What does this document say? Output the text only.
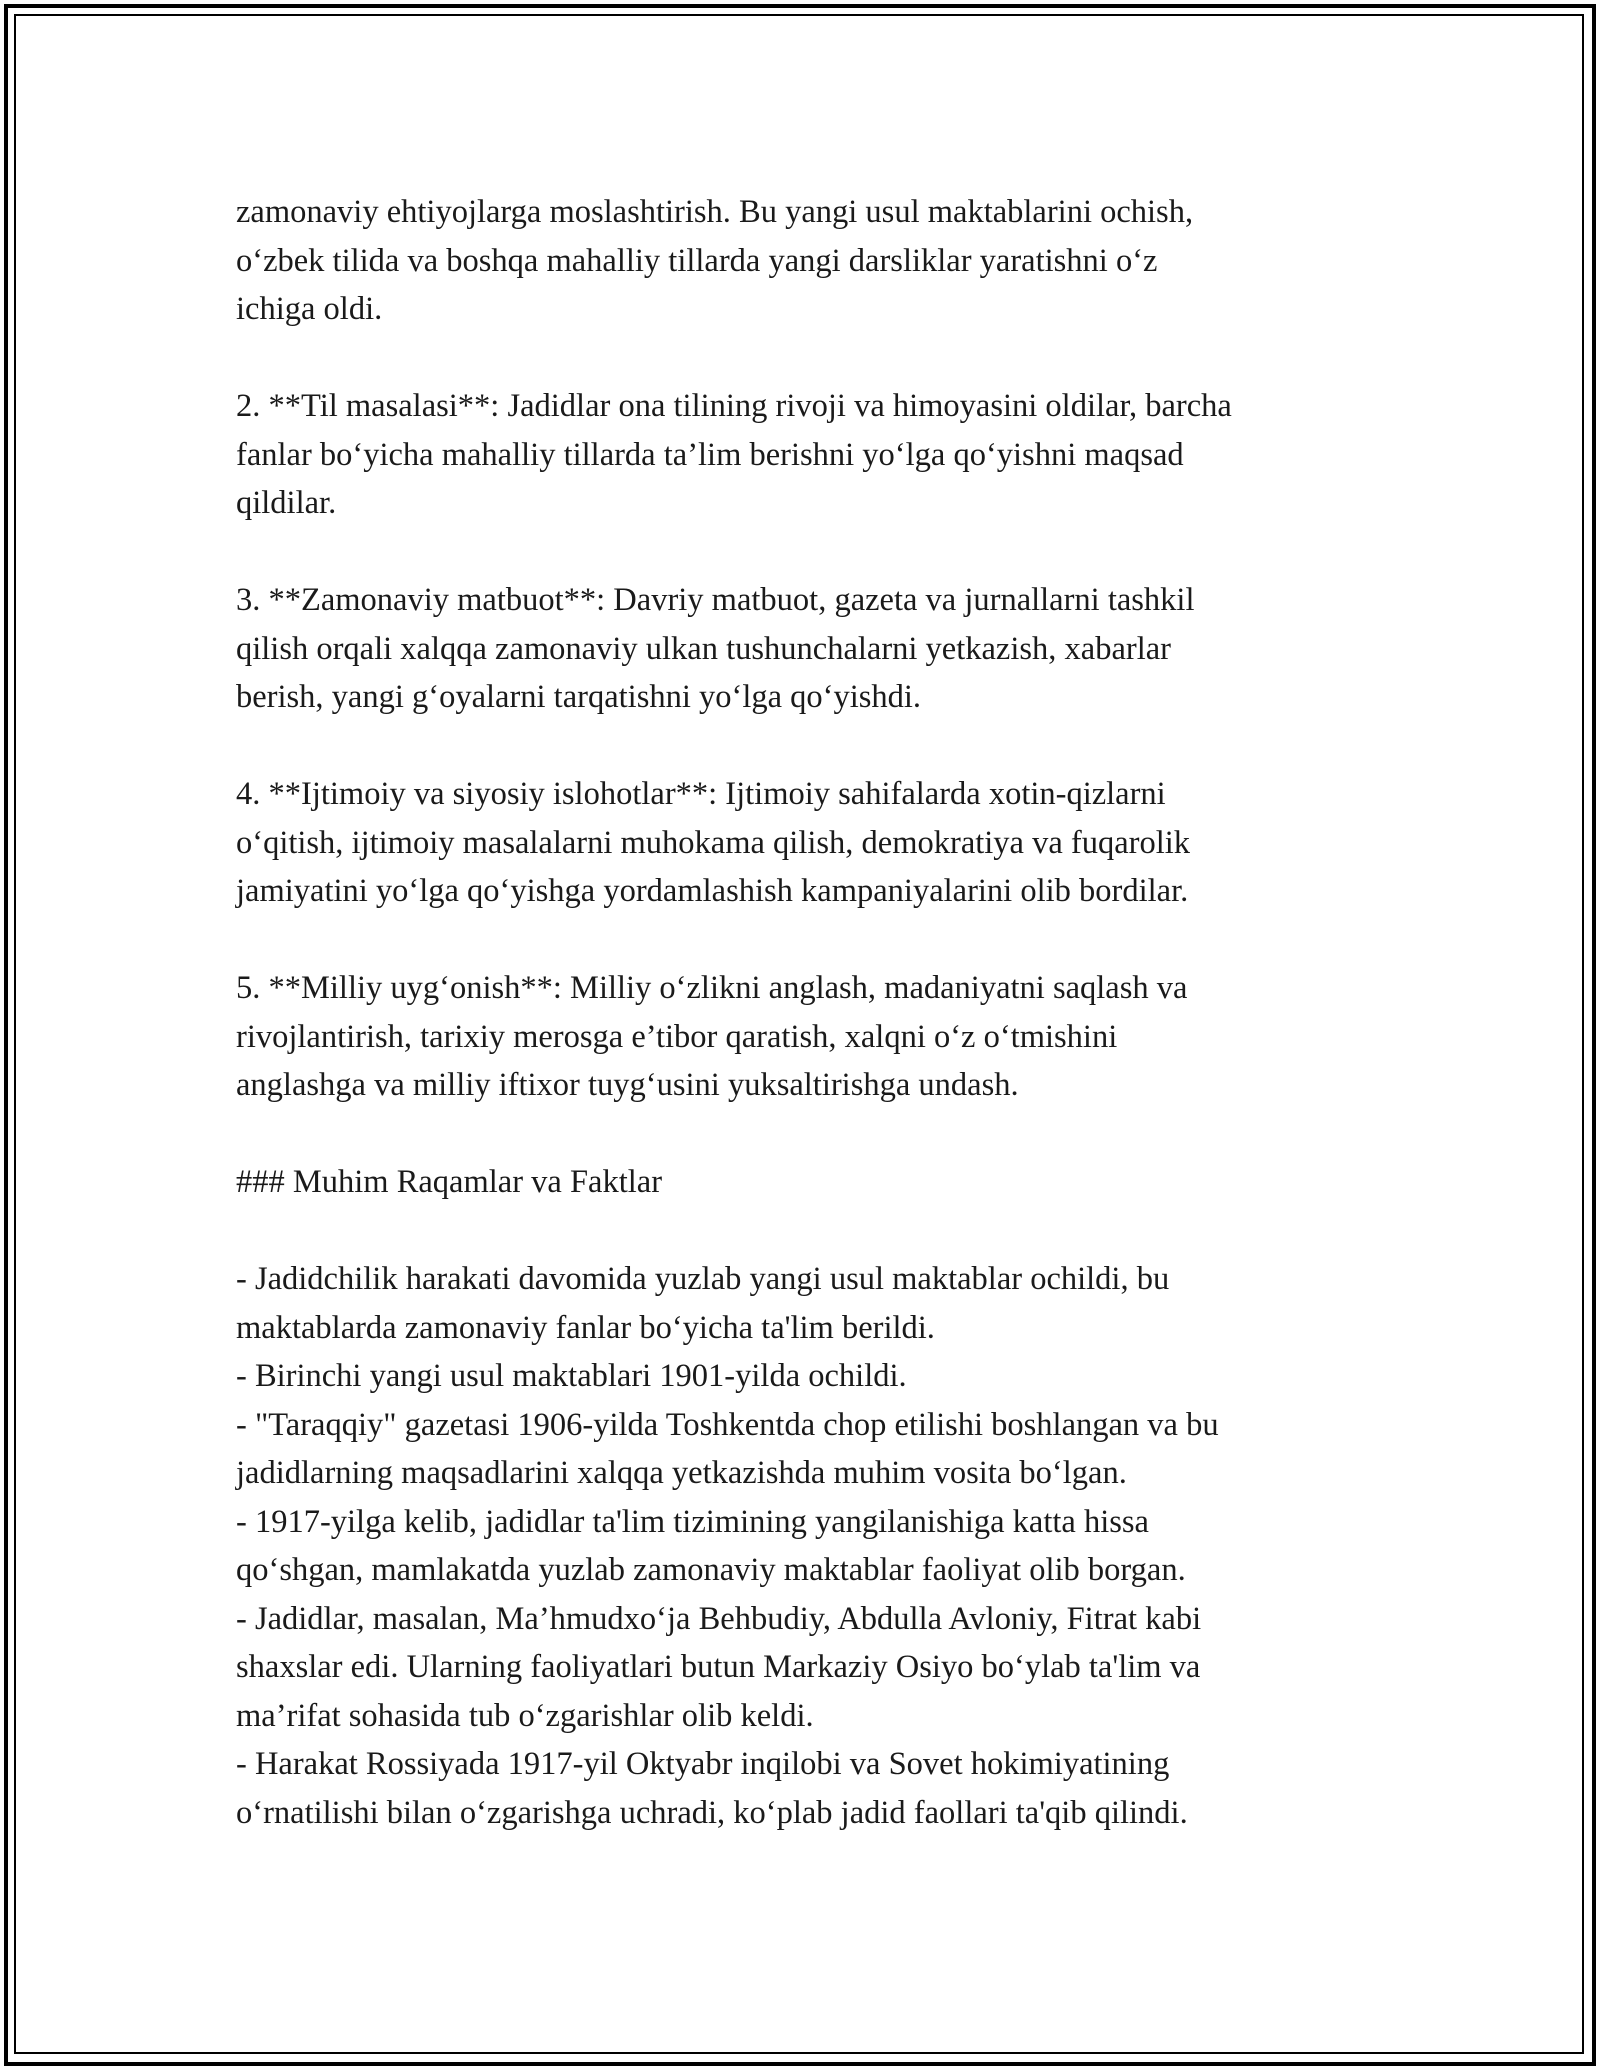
zamonaviy ehtiyojlarga moslashtirish. Bu yangi usul maktablarini ochish,
o‘zbek tilida va boshqa mahalliy tillarda yangi darsliklar yaratishni o‘z
ichiga oldi.
2. **Til masalasi**: Jadidlar ona tilining rivoji va himoyasini oldilar, barcha
fanlar bo‘yicha mahalliy tillarda ta’lim berishni yo‘lga qo‘yishni maqsad
qildilar.
3. **Zamonaviy matbuot**: Davriy matbuot, gazeta va jurnallarni tashkil
qilish orqali xalqqa zamonaviy ulkan tushunchalarni yetkazish, xabarlar
berish, yangi g‘oyalarni tarqatishni yo‘lga qo‘yishdi.
4. **Ijtimoiy va siyosiy islohotlar**: Ijtimoiy sahifalarda xotin-qizlarni
o‘qitish, ijtimoiy masalalarni muhokama qilish, demokratiya va fuqarolik
jamiyatini yo‘lga qo‘yishga yordamlashish kampaniyalarini olib bordilar.
5. **Milliy uyg‘onish**: Milliy o‘zlikni anglash, madaniyatni saqlash va
rivojlantirish, tarixiy merosga e’tibor qaratish, xalqni o‘z o‘tmishini
anglashga va milliy iftixor tuyg‘usini yuksaltirishga undash.
### Muhim Raqamlar va Faktlar
- Jadidchilik harakati davomida yuzlab yangi usul maktablar ochildi, bu
maktablarda zamonaviy fanlar bo‘yicha ta'lim berildi.
- Birinchi yangi usul maktablari 1901-yilda ochildi.
- "Taraqqiy" gazetasi 1906-yilda Toshkentda chop etilishi boshlangan va bu
jadidlarning maqsadlarini xalqqa yetkazishda muhim vosita bo‘lgan.
- 1917-yilga kelib, jadidlar ta'lim tizimining yangilanishiga katta hissa
qo‘shgan, mamlakatda yuzlab zamonaviy maktablar faoliyat olib borgan.
- Jadidlar, masalan, Ma’hmudxo‘ja Behbudiy, Abdulla Avloniy, Fitrat kabi
shaxslar edi. Ularning faoliyatlari butun Markaziy Osiyo bo‘ylab ta'lim va
ma’rifat sohasida tub o‘zgarishlar olib keldi.
- Harakat Rossiyada 1917-yil Oktyabr inqilobi va Sovet hokimiyatining
o‘rnatilishi bilan o‘zgarishga uchradi, ko‘plab jadid faollari ta'qib qilindi.
